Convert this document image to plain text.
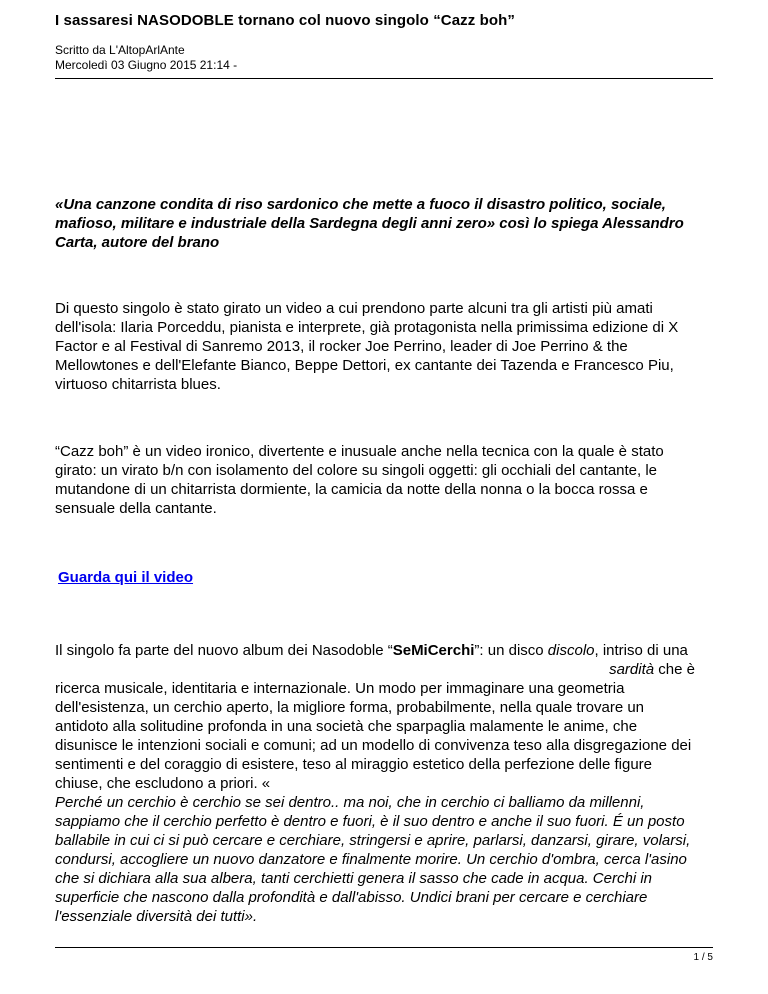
I sassaresi NASODOBLE tornano col nuovo singolo “Cazz boh”
Scritto da L'AltopArlAnte
Mercoledì 03 Giugno 2015 21:14 -
«Una canzone condita di riso sardonico che mette a fuoco il disastro politico, sociale,
mafioso, militare e industriale della Sardegna degli anni zero» così lo spiega Alessandro
Carta, autore del brano
Di questo singolo è stato girato un video a cui prendono parte alcuni tra gli artisti più amati
dell'isola: Ilaria Porceddu, pianista e interprete, già protagonista nella primissima edizione di X
Factor e al Festival di Sanremo 2013, il rocker Joe Perrino, leader di Joe Perrino & the
Mellowtones e dell'Elefante Bianco, Beppe Dettori, ex cantante dei Tazenda e Francesco Piu,
virtuoso chitarrista blues.
“Cazz boh” è un video ironico, divertente e inusuale anche nella tecnica con la quale è stato
girato: un virato b/n con isolamento del colore su singoli oggetti: gli occhiali del cantante, le
mutandone di un chitarrista dormiente, la camicia da notte della nonna o la bocca rossa e
sensuale della cantante.
Guarda qui il video
Il singolo fa parte del nuovo album dei Nasodoble “SeMiCerchi”: un disco discolo, intriso di una
sardità che è
ricerca musicale, identitaria e internazionale. Un modo per immaginare una geometria
dell'esistenza, un cerchio aperto, la migliore forma, probabilmente, nella quale trovare un
antidoto alla solitudine profonda in una società che sparpaglia malamente le anime, che
disunisce le intenzioni sociali e comuni; ad un modello di convivenza teso alla disgregazione dei
sentimenti e del coraggio di esistere, teso al miraggio estetico della perfezione delle figure
chiuse, che escludono a priori. «
Perché un cerchio è cerchio se sei dentro.. ma noi, che in cerchio ci balliamo da millenni,
sappiamo che il cerchio perfetto è dentro e fuori, è il suo dentro e anche il suo fuori. É un posto
ballabile in cui ci si può cercare e cerchiare, stringersi e aprire, parlarsi, danzarsi, girare, volarsi,
condursi, accogliere un nuovo danzatore e finalmente morire. Un cerchio d'ombra, cerca l'asino
che si dichiara alla sua albera, tanti cerchietti genera il sasso che cade in acqua. Cerchi in
superficie che nascono dalla profondità e dall'abisso. Undici brani per cercare e cerchiare
l'essenziale diversità dei tutti».
1 / 5
